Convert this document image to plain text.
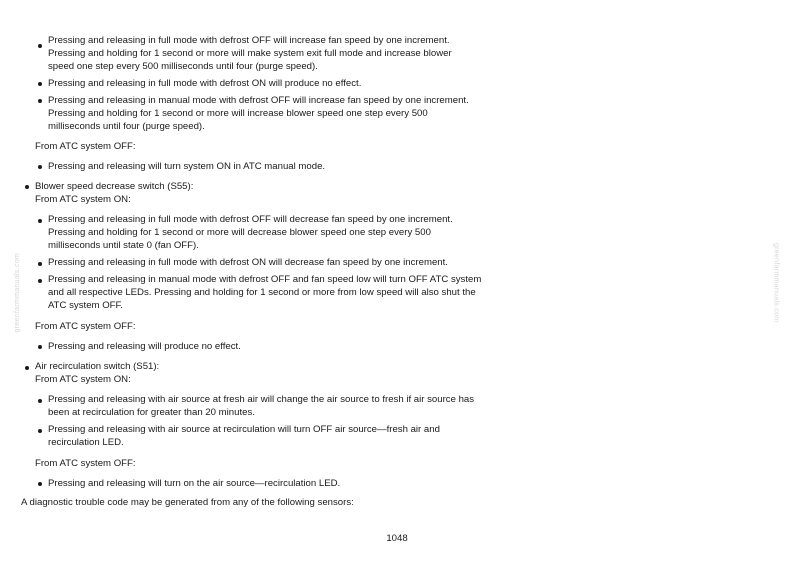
greenfarmmanuals.com	greenfarmmanuals.com
Pressing and releasing in full mode with defrost OFF will increase fan speed by one increment.
Pressing and holding for 1 second or more will make system exit full mode and increase blower
speed one step every 500 milliseconds until four (purge speed).
Pressing and releasing in full mode with defrost ON will produce no effect.
Pressing and releasing in manual mode with defrost OFF will increase fan speed by one increment.
Pressing and holding for 1 second or more will increase blower speed one step every 500
milliseconds until four (purge speed).
From ATC system OFF:
Pressing and releasing will turn system ON in ATC manual mode.
Blower speed decrease switch (S55):
From ATC system ON:
Pressing and releasing in full mode with defrost OFF will decrease fan speed by one increment.
Pressing and holding for 1 second or more will decrease blower speed one step every 500
milliseconds until state 0 (fan OFF).
Pressing and releasing in full mode with defrost ON will decrease fan speed by one increment.
Pressing and releasing in manual mode with defrost OFF and fan speed low will turn OFF ATC system
and all respective LEDs. Pressing and holding for 1 second or more from low speed will also shut the
ATC system OFF.
From ATC system OFF:
Pressing and releasing will produce no effect.
Air recirculation switch (S51):
From ATC system ON:
Pressing and releasing with air source at fresh air will change the air source to fresh if air source has
been at recirculation for greater than 20 minutes.
Pressing and releasing with air source at recirculation will turn OFF air source—fresh air and
recirculation LED.
From ATC system OFF:
Pressing and releasing will turn on the air source—recirculation LED.
A diagnostic trouble code may be generated from any of the following sensors:
1048
